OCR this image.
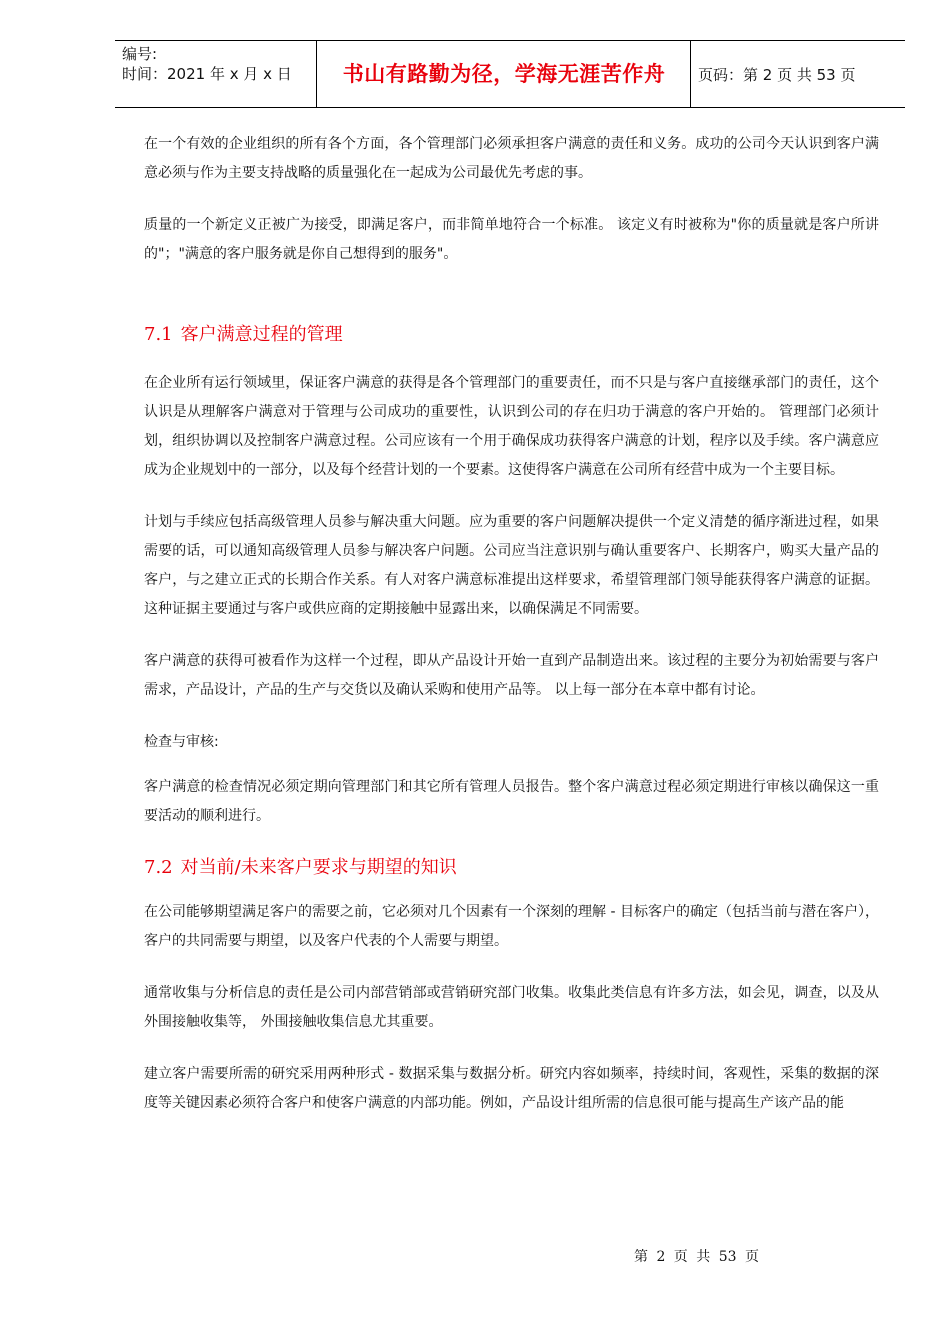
编号:
时间：2021 年 x 月 x 日	书山有路勤为径，学海无涯苦作舟	页码：第 2 页 共 53 页

在一个有效的企业组织的所有各个方面，各个管理部门必须承担客户满意的责任和义务。成功的公司今天认识到客户满意必须与作为主要支持战略的质量强化在一起成为公司最优先考虑的事。

质量的一个新定义正被广为接受，即满足客户，而非简单地符合一个标准。 该定义有时被称为"你的质量就是客户所讲的"；"满意的客户服务就是你自己想得到的服务"。

7.1 客户满意过程的管理

在企业所有运行领域里，保证客户满意的获得是各个管理部门的重要责任，而不只是与客户直接继承部门的责任，这个认识是从理解客户满意对于管理与公司成功的重要性，认识到公司的存在归功于满意的客户开始的。 管理部门必须计划，组织协调以及控制客户满意过程。公司应该有一个用于确保成功获得客户满意的计划，程序以及手续。客户满意应成为企业规划中的一部分，以及每个经营计划的一个要素。这使得客户满意在公司所有经营中成为一个主要目标。

计划与手续应包括高级管理人员参与解决重大问题。应为重要的客户问题解决提供一个定义清楚的循序渐进过程，如果需要的话，可以通知高级管理人员参与解决客户问题。公司应当注意识别与确认重要客户、长期客户，购买大量产品的客户，与之建立正式的长期合作关系。有人对客户满意标准提出这样要求，希望管理部门领导能获得客户满意的证据。这种证据主要通过与客户或供应商的定期接触中显露出来，以确保满足不同需要。

客户满意的获得可被看作为这样一个过程，即从产品设计开始一直到产品制造出来。该过程的主要分为初始需要与客户需求，产品设计，产品的生产与交货以及确认采购和使用产品等。 以上每一部分在本章中都有讨论。

检查与审核:

客户满意的检查情况必须定期向管理部门和其它所有管理人员报告。整个客户满意过程必须定期进行审核以确保这一重要活动的顺利进行。

7.2 对当前/未来客户要求与期望的知识

在公司能够期望满足客户的需要之前，它必须对几个因素有一个深刻的理解 - 目标客户的确定（包括当前与潜在客户），客户的共同需要与期望，以及客户代表的个人需要与期望。

通常收集与分析信息的责任是公司内部营销部或营销研究部门收集。收集此类信息有许多方法，如会见，调查，以及从外围接触收集等， 外围接触收集信息尤其重要。

建立客户需要所需的研究采用两种形式 - 数据采集与数据分析。研究内容如频率，持续时间，客观性，采集的数据的深度等关键因素必须符合客户和使客户满意的内部功能。例如，产品设计组所需的信息很可能与提高生产该产品的能

第 2 页 共 53 页
